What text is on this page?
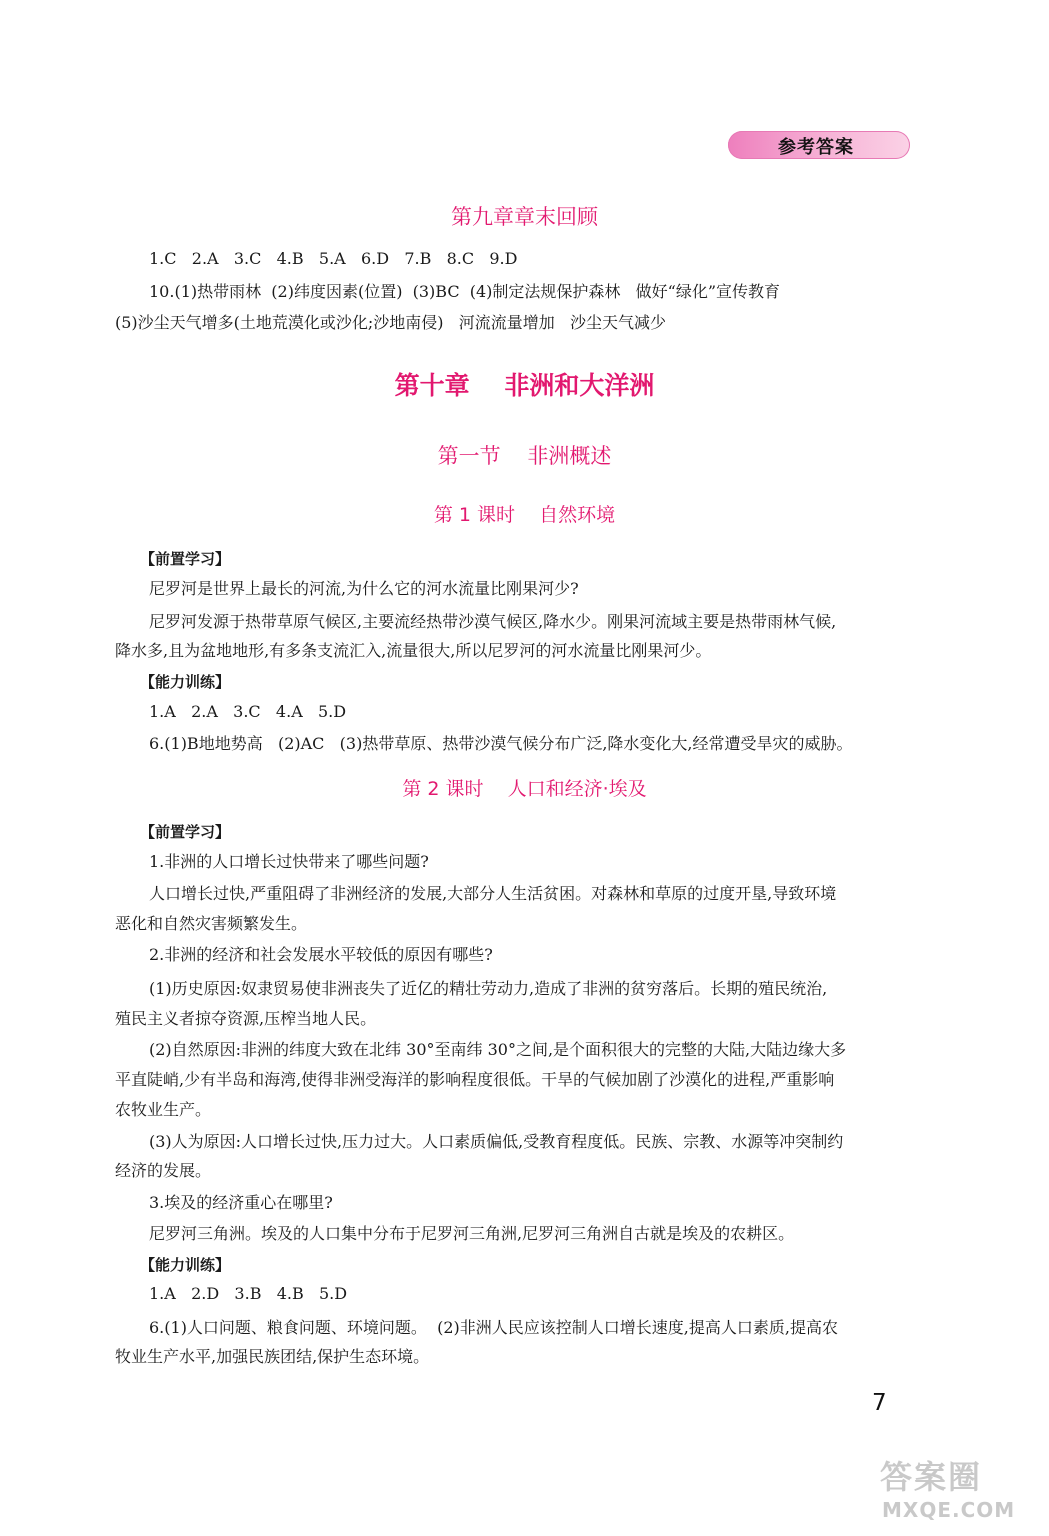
参考答案

第九章章末回顾

1.C   2.A   3.C   4.B   5.A   6.D   7.B   8.C   9.D

10.(1)热带雨林  (2)纬度因素(位置)  (3)BC  (4)制定法规保护森林   做好“绿化”宣传教育

(5)沙尘天气增多(土地荒漠化或沙化;沙地南侵)   河流流量增加   沙尘天气减少

第十章    非洲和大洋洲

第一节    非洲概述

第 1 课时    自然环境

【前置学习】

尼罗河是世界上最长的河流,为什么它的河水流量比刚果河少?

尼罗河发源于热带草原气候区,主要流经热带沙漠气候区,降水少。刚果河流域主要是热带雨林气候,

降水多,且为盆地地形,有多条支流汇入,流量很大,所以尼罗河的河水流量比刚果河少。

【能力训练】

1.A   2.A   3.C   4.A   5.D

6.(1)B地地势高   (2)AC   (3)热带草原、热带沙漠气候分布广泛,降水变化大,经常遭受旱灾的威胁。

第 2 课时    人口和经济·埃及

【前置学习】

1.非洲的人口增长过快带来了哪些问题?

人口增长过快,严重阻碍了非洲经济的发展,大部分人生活贫困。对森林和草原的过度开垦,导致环境

恶化和自然灾害频繁发生。

2.非洲的经济和社会发展水平较低的原因有哪些?

(1)历史原因:奴隶贸易使非洲丧失了近亿的精壮劳动力,造成了非洲的贫穷落后。长期的殖民统治,

殖民主义者掠夺资源,压榨当地人民。

(2)自然原因:非洲的纬度大致在北纬 30°至南纬 30°之间,是个面积很大的完整的大陆,大陆边缘大多

平直陡峭,少有半岛和海湾,使得非洲受海洋的影响程度很低。干旱的气候加剧了沙漠化的进程,严重影响

农牧业生产。

(3)人为原因:人口增长过快,压力过大。人口素质偏低,受教育程度低。民族、宗教、水源等冲突制约

经济的发展。

3.埃及的经济重心在哪里?

尼罗河三角洲。埃及的人口集中分布于尼罗河三角洲,尼罗河三角洲自古就是埃及的农耕区。

【能力训练】

1.A   2.D   3.B   4.B   5.D

6.(1)人口问题、粮食问题、环境问题。  (2)非洲人民应该控制人口增长速度,提高人口素质,提高农

牧业生产水平,加强民族团结,保护生态环境。

7
答案圈
MXQE.COM
